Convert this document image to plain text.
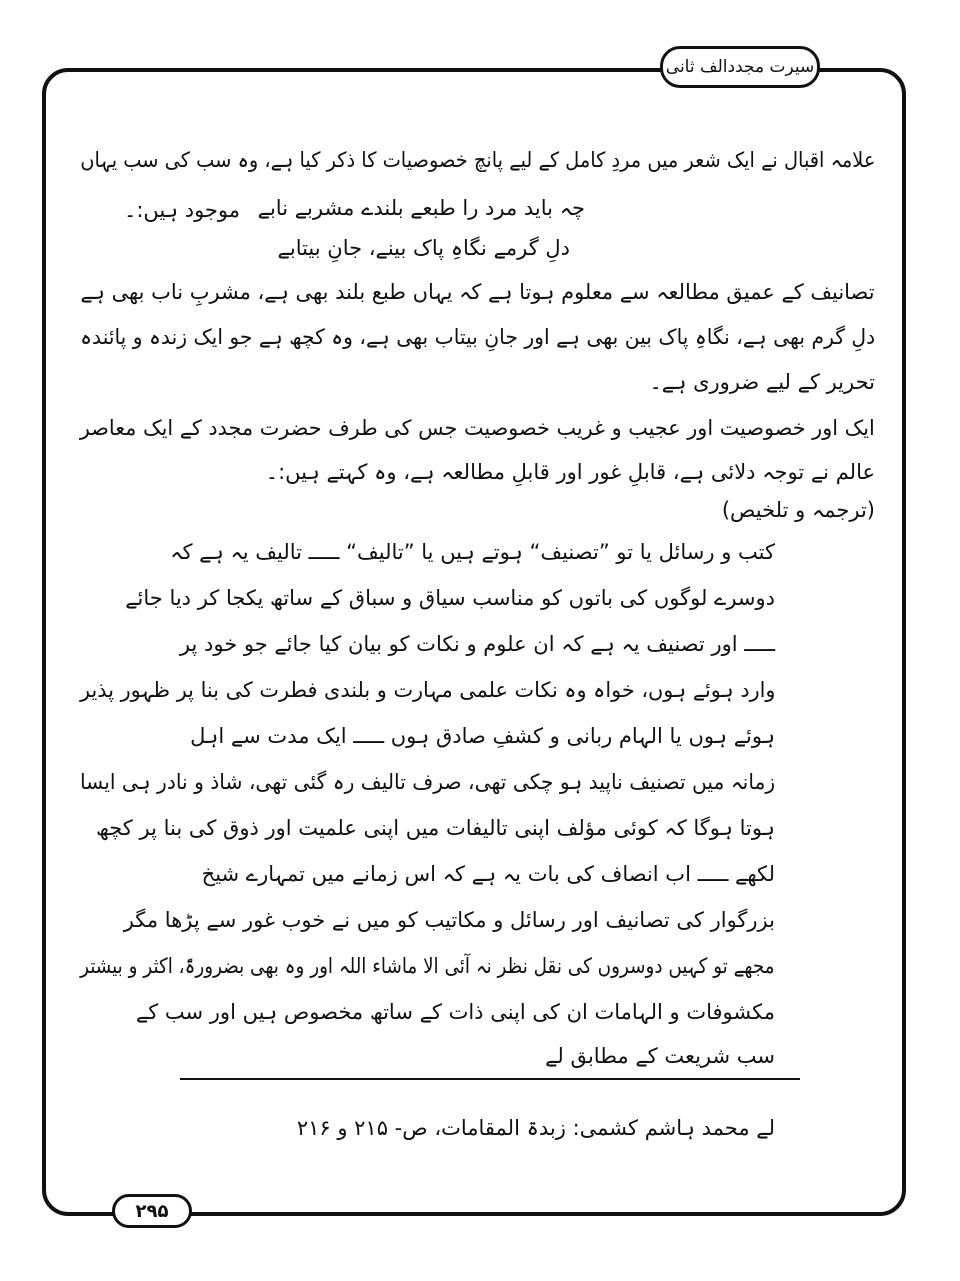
سیرت مجددالف ثانی
علامہ اقبال نے ایک شعر میں مردِ کامل کے لیے پانچ خصوصیات کا ذکر کیا ہے، وہ سب کی سب یہاں
موجود ہیں:۔ چہ باید مرد را طبعے بلندے مشربے نابے
دلِ گرمے نگاہِ پاک بینے، جانِ بیتابے
تصانیف کے عمیق مطالعہ سے معلوم ہوتا ہے کہ یہاں طبع بلند بھی ہے، مشربِ ناب بھی ہے
دلِ گرم بھی ہے، نگاہِ پاک بین بھی ہے اور جانِ بیتاب بھی ہے، وہ کچھ ہے جو ایک زندہ و پائندہ
تحریر کے لیے ضروری ہے۔
ایک اور خصوصیت اور عجیب و غریب خصوصیت جس کی طرف حضرت مجدد کے ایک معاصر
عالم نے توجہ دلائی ہے، قابلِ غور اور قابلِ مطالعہ ہے، وہ کہتے ہیں:۔
(ترجمہ و تلخیص)
کتب و رسائل یا تو ”تصنیف“ ہوتے ہیں یا ”تالیف“ ـــــ تالیف یہ ہے کہ
دوسرے لوگوں کی باتوں کو مناسب سیاق و سباق کے ساتھ یکجا کر دیا جائے
ـــــ اور تصنیف یہ ہے کہ ان علوم و نکات کو بیان کیا جائے جو خود پر
وارد ہوئے ہوں، خواہ وہ نکات علمی مہارت و بلندی فطرت کی بنا پر ظہور پذیر
ہوئے ہوں یا الہام ربانی و کشفِ صادق ہوں ـــــ ایک مدت سے اہل
زمانہ میں تصنیف ناپید ہو چکی تھی، صرف تالیف رہ گئی تھی، شاذ و نادر ہی ایسا
ہوتا ہوگا کہ کوئی مؤلف اپنی تالیفات میں اپنی علمیت اور ذوق کی بنا پر کچھ
لکھے ـــــ اب انصاف کی بات یہ ہے کہ اس زمانے میں تمہارے شیخ
بزرگوار کی تصانیف اور رسائل و مکاتیب کو میں نے خوب غور سے پڑھا مگر
مجھے تو کہیں دوسروں کی نقل نظر نہ آئی الا ماشاء اللہ اور وہ بھی بضرورۃً، اکثر و بیشتر
مکشوفات و الہامات ان کی اپنی ذات کے ساتھ مخصوص ہیں اور سب کے
سب شریعت کے مطابق لے
لے محمد ہاشم کشمی: زبدۃ المقامات، ص- ۲۱۵ و ۲۱۶
۲۹۵
